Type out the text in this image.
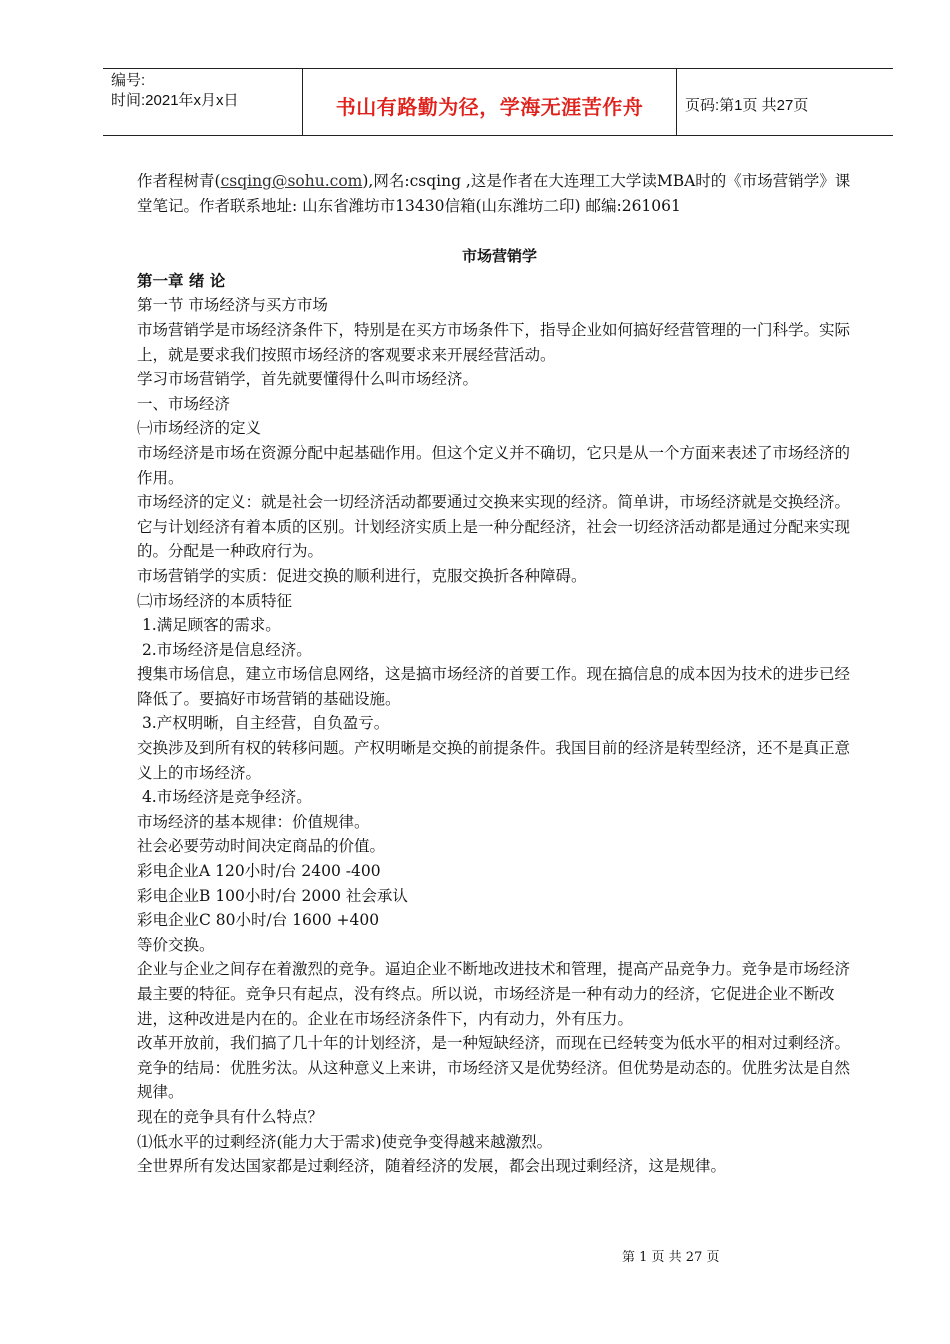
编号:
时间:2021年x月x日	书山有路勤为径，学海无涯苦作舟	页码:第1页 共27页

作者程树青(csqing@sohu.com),网名:csqing ,这是作者在大连理工大学读MBA时的《市场营销学》课堂笔记。作者联系地址: 山东省潍坊市13430信箱(山东潍坊二印) 邮编:261061

市场营销学

第一章 绪 论

第一节 市场经济与买方市场

市场营销学是市场经济条件下，特别是在买方市场条件下，指导企业如何搞好经营管理的一门科学。实际上，就是要求我们按照市场经济的客观要求来开展经营活动。

学习市场营销学，首先就要懂得什么叫市场经济。

一、市场经济

㈠市场经济的定义

市场经济是市场在资源分配中起基础作用。但这个定义并不确切，它只是从一个方面来表述了市场经济的作用。

市场经济的定义：就是社会一切经济活动都要通过交换来实现的经济。简单讲，市场经济就是交换经济。

它与计划经济有着本质的区别。计划经济实质上是一种分配经济，社会一切经济活动都是通过分配来实现的。分配是一种政府行为。

市场营销学的实质：促进交换的顺利进行，克服交换折各种障碍。

㈡市场经济的本质特征

1.满足顾客的需求。

2.市场经济是信息经济。

搜集市场信息，建立市场信息网络，这是搞市场经济的首要工作。现在搞信息的成本因为技术的进步已经降低了。要搞好市场营销的基础设施。

3.产权明晰，自主经营，自负盈亏。

交换涉及到所有权的转移问题。产权明晰是交换的前提条件。我国目前的经济是转型经济，还不是真正意义上的市场经济。

4.市场经济是竞争经济。

市场经济的基本规律：价值规律。

社会必要劳动时间决定商品的价值。

彩电企业A 120小时/台 2400 -400

彩电企业B 100小时/台 2000 社会承认

彩电企业C 80小时/台 1600 +400

等价交换。

企业与企业之间存在着激烈的竞争。逼迫企业不断地改进技术和管理，提高产品竞争力。竞争是市场经济最主要的特征。竞争只有起点，没有终点。所以说，市场经济是一种有动力的经济，它促进企业不断改进，这种改进是内在的。企业在市场经济条件下，内有动力，外有压力。

改革开放前，我们搞了几十年的计划经济，是一种短缺经济，而现在已经转变为低水平的相对过剩经济。

竞争的结局：优胜劣汰。从这种意义上来讲，市场经济又是优势经济。但优势是动态的。优胜劣汰是自然规律。

现在的竞争具有什么特点？

⑴低水平的过剩经济(能力大于需求)使竞争变得越来越激烈。

全世界所有发达国家都是过剩经济，随着经济的发展，都会出现过剩经济，这是规律。

第 1 页 共 27 页
